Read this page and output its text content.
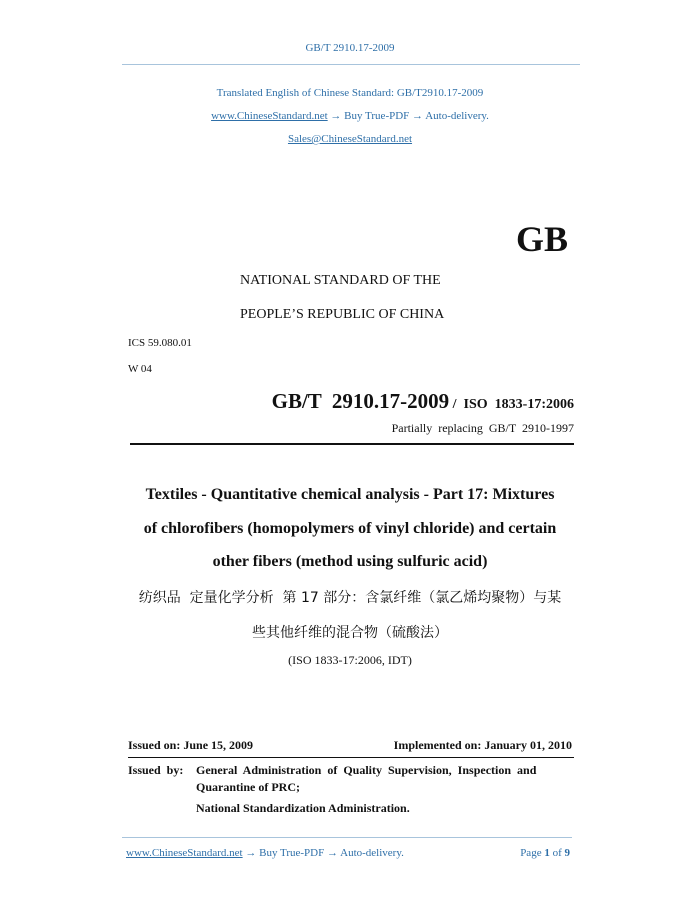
GB/T 2910.17-2009
Translated English of Chinese Standard: GB/T2910.17-2009
www.ChineseStandard.net → Buy True-PDF → Auto-delivery.
Sales@ChineseStandard.net
GB
NATIONAL STANDARD OF THE
PEOPLE’S REPUBLIC OF CHINA
ICS 59.080.01
W 04
GB/T  2910.17-2009 / ISO  1833-17:2006
Partially  replacing  GB/T  2910-1997
Textiles - Quantitative chemical analysis - Part 17: Mixtures
of chlorofibers (homopolymers of vinyl chloride) and certain
other fibers (method using sulfuric acid)
纺织品  定量化学分析  第 17 部分：含氯纤维（氯乙烯均聚物）与某
些其他纤维的混合物（硫酸法）
(ISO 1833-17:2006, IDT)
Issued on: June 15, 2009	Implemented on: January 01, 2010
Issued  by: General  Administration  of  Quality  Supervision,  Inspection  and
Quarantine of PRC;
National Standardization Administration.
www.ChineseStandard.net → Buy True-PDF → Auto-delivery.	Page 1 of 9
